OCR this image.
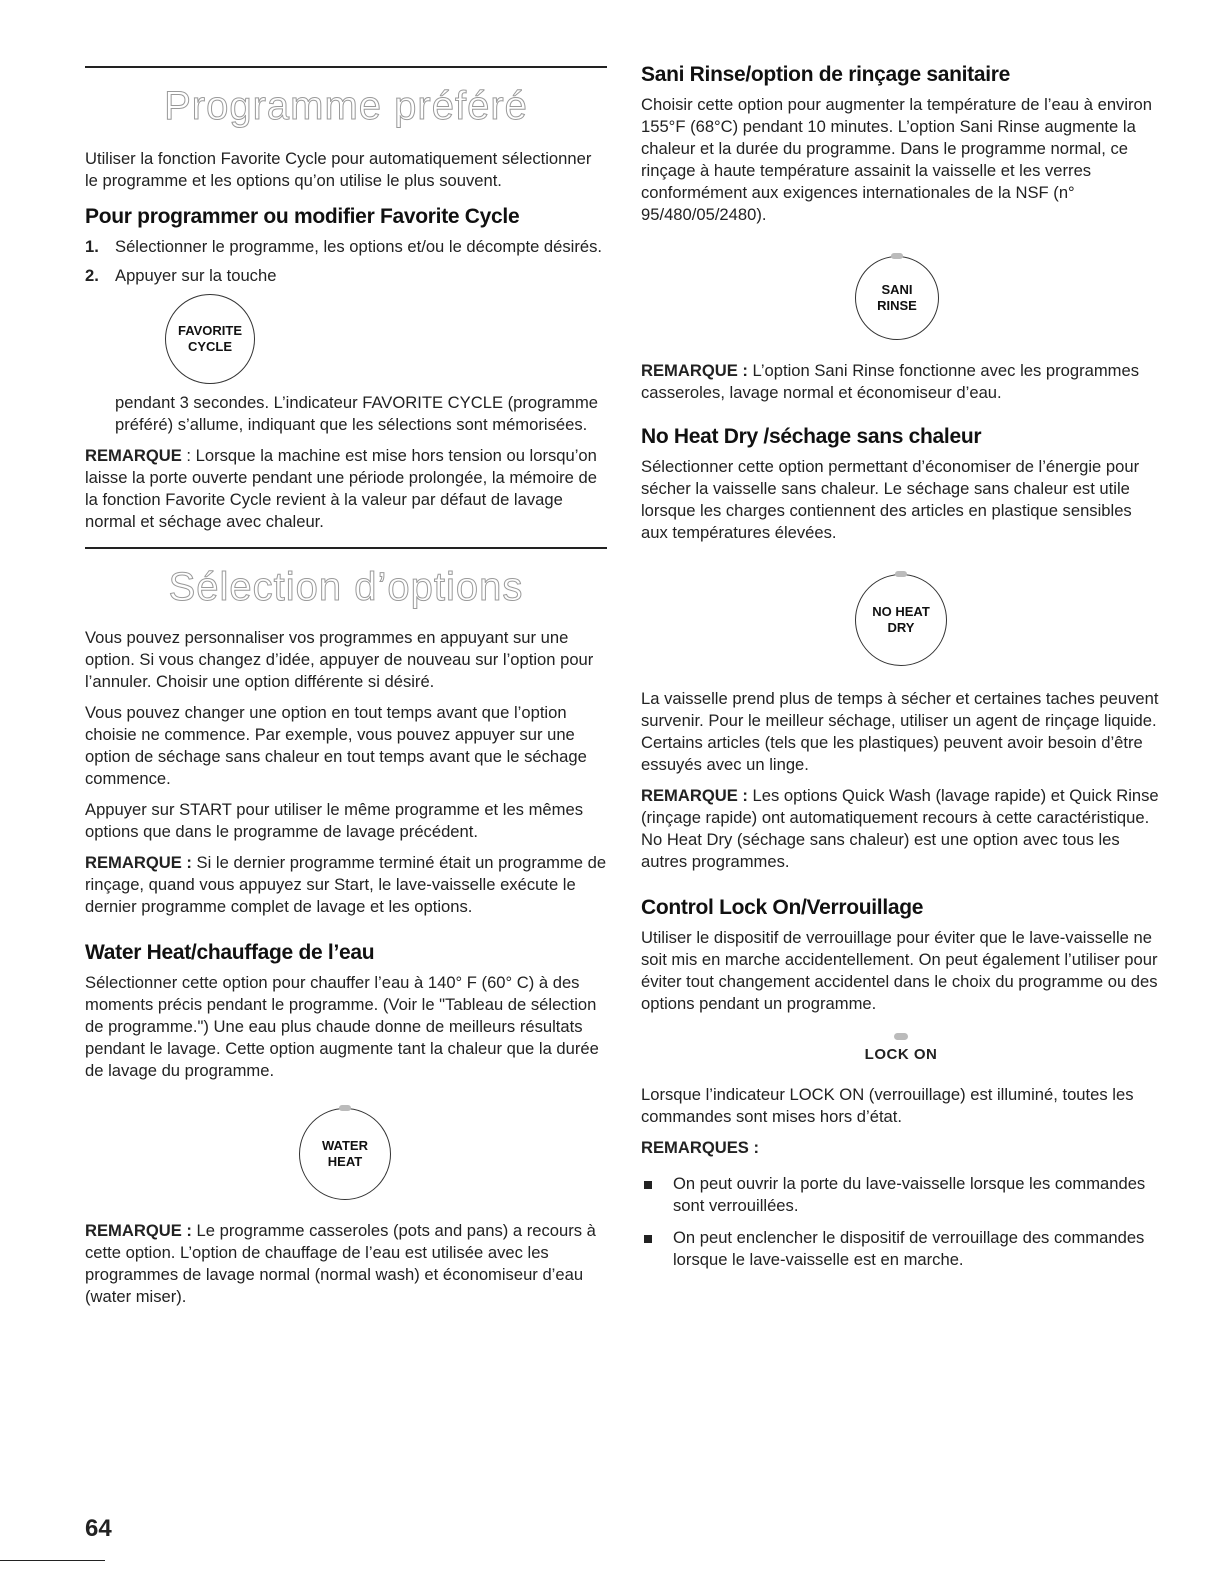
Programme préféré

Utiliser la fonction Favorite Cycle pour automatiquement sélectionner le programme et les options qu’on utilise le plus souvent.

Pour programmer ou modifier Favorite Cycle
1. Sélectionner le programme, les options et/ou le décompte désirés.
2. Appuyer sur la touche
FAVORITE
CYCLE

pendant 3 secondes. L’indicateur FAVORITE CYCLE (programme préféré) s’allume, indiquant que les sélections sont mémorisées.

REMARQUE : Lorsque la machine est mise hors tension ou lorsqu’on laisse la porte ouverte pendant une période prolongée, la mémoire de la fonction Favorite Cycle revient à la valeur par défaut de lavage normal et séchage avec chaleur.

Sélection d’options

Vous pouvez personnaliser vos programmes en appuyant sur une option. Si vous changez d’idée, appuyer de nouveau sur l’option pour l’annuler. Choisir une option différente si désiré.

Vous pouvez changer une option en tout temps avant que l’option choisie ne commence. Par exemple, vous pouvez appuyer sur une option de séchage sans chaleur en tout temps avant que le séchage commence.

Appuyer sur START pour utiliser le même programme et les mêmes options que dans le programme de lavage précédent.

REMARQUE : Si le dernier programme terminé était un programme de rinçage, quand vous appuyez sur Start, le lave-vaisselle exécute le dernier programme complet de lavage et les options.

Water Heat/chauffage de l’eau

Sélectionner cette option pour chauffer l’eau à 140° F (60° C) à des moments précis pendant le programme. (Voir le "Tableau de sélection de programme.") Une eau plus chaude donne de meilleurs résultats pendant le lavage. Cette option augmente tant la chaleur que la durée de lavage du programme.

WATER
HEAT

REMARQUE : Le programme casseroles (pots and pans) a recours à cette option. L’option de chauffage de l’eau est utilisée avec les programmes de lavage normal (normal wash) et économiseur d’eau (water miser).

64
Sani Rinse/option de rinçage sanitaire

Choisir cette option pour augmenter la température de l’eau à environ 155°F (68°C) pendant 10 minutes. L’option Sani Rinse augmente la chaleur et la durée du programme. Dans le programme normal, ce rinçage à haute température assainit la vaisselle et les verres conformément aux exigences internationales de la NSF (n° 95/480/05/2480).

SANI
RINSE

REMARQUE : L’option Sani Rinse fonctionne avec les programmes casseroles, lavage normal et économiseur d’eau.

No Heat Dry /séchage sans chaleur

Sélectionner cette option permettant d’économiser de l’énergie pour sécher la vaisselle sans chaleur. Le séchage sans chaleur est utile lorsque les charges contiennent des articles en plastique sensibles aux températures élevées.

NO HEAT
DRY

La vaisselle prend plus de temps à sécher et certaines taches peuvent survenir. Pour le meilleur séchage, utiliser un agent de rinçage liquide. Certains articles (tels que les plastiques) peuvent avoir besoin d’être essuyés avec un linge.

REMARQUE : Les options Quick Wash (lavage rapide) et Quick Rinse (rinçage rapide) ont automatiquement recours à cette caractéristique. No Heat Dry (séchage sans chaleur) est une option avec tous les autres programmes.

Control Lock On/Verrouillage

Utiliser le dispositif de verrouillage pour éviter que le lave-vaisselle ne soit mis en marche accidentellement. On peut également l’utiliser pour éviter tout changement accidentel dans le choix du programme ou des options pendant un programme.

LOCK ON

Lorsque l’indicateur LOCK ON (verrouillage) est illuminé, toutes les commandes sont mises hors d’état.

REMARQUES :

On peut ouvrir la porte du lave-vaisselle lorsque les commandes sont verrouillées.
On peut enclencher le dispositif de verrouillage des commandes lorsque le lave-vaisselle est en marche.
